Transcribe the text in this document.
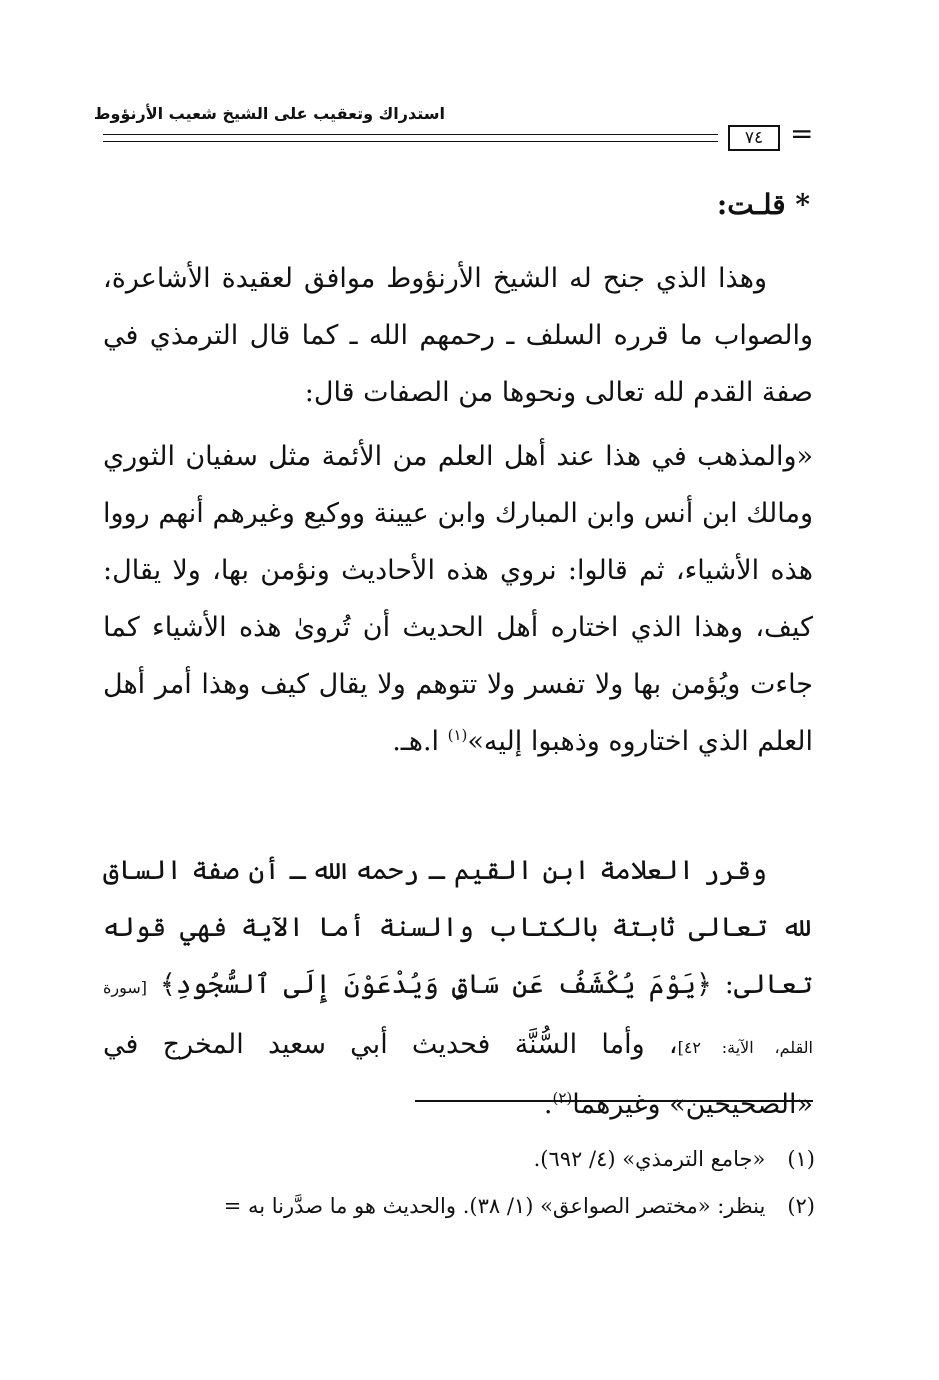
استدراك وتعقيب على الشيخ شعيب الأرنؤوط
=
٧٤
* قلـت:
وهذا الذي جنح له الشيخ الأرنؤوط موافق لعقيدة الأشاعرة، والصواب ما قرره السلف ـ رحمهم الله ـ كما قال الترمذي في صفة القدم لله تعالى ونحوها من الصفات قال:
«والمذهب في هذا عند أهل العلم من الأئمة مثل سفيان الثوري ومالك ابن أنس وابن المبارك وابن عيينة ووكيع وغيرهم أنهم رووا هذه الأشياء، ثم قالوا: نروي هذه الأحاديث ونؤمن بها، ولا يقال: كيف، وهذا الذي اختاره أهل الحديث أن تُروىٰ هذه الأشياء كما جاءت ويُؤمن بها ولا تفسر ولا تتوهم ولا يقال كيف وهذا أمر أهل العلم الذي اختاروه وذهبوا إليه»$^{(١)}$ ا.هـ.
وقرر العلامة ابن القيم ـ رحمه الله ـ أن صفة الساق لله تعالى ثابتة بالكتاب والسنة أما الآية فهي قوله تعالى: ﴿يَوْمَ يُكْشَفُ عَن سَاقٍ وَيُدْعَوْنَ إِلَى ٱلسُّجُودِ﴾ [سورة القلم، الآية: ٤٢]، وأما السُّنَّة فحديث أبي سعيد المخرج في «الصحيحين» وغيرهما$^{(٢)}$.
(١)«جامع الترمذي» (٤/ ٦٩٢).
(٢)ينظر: «مختصر الصواعق» (١/ ٣٨). والحديث هو ما صدَّرنا به =
